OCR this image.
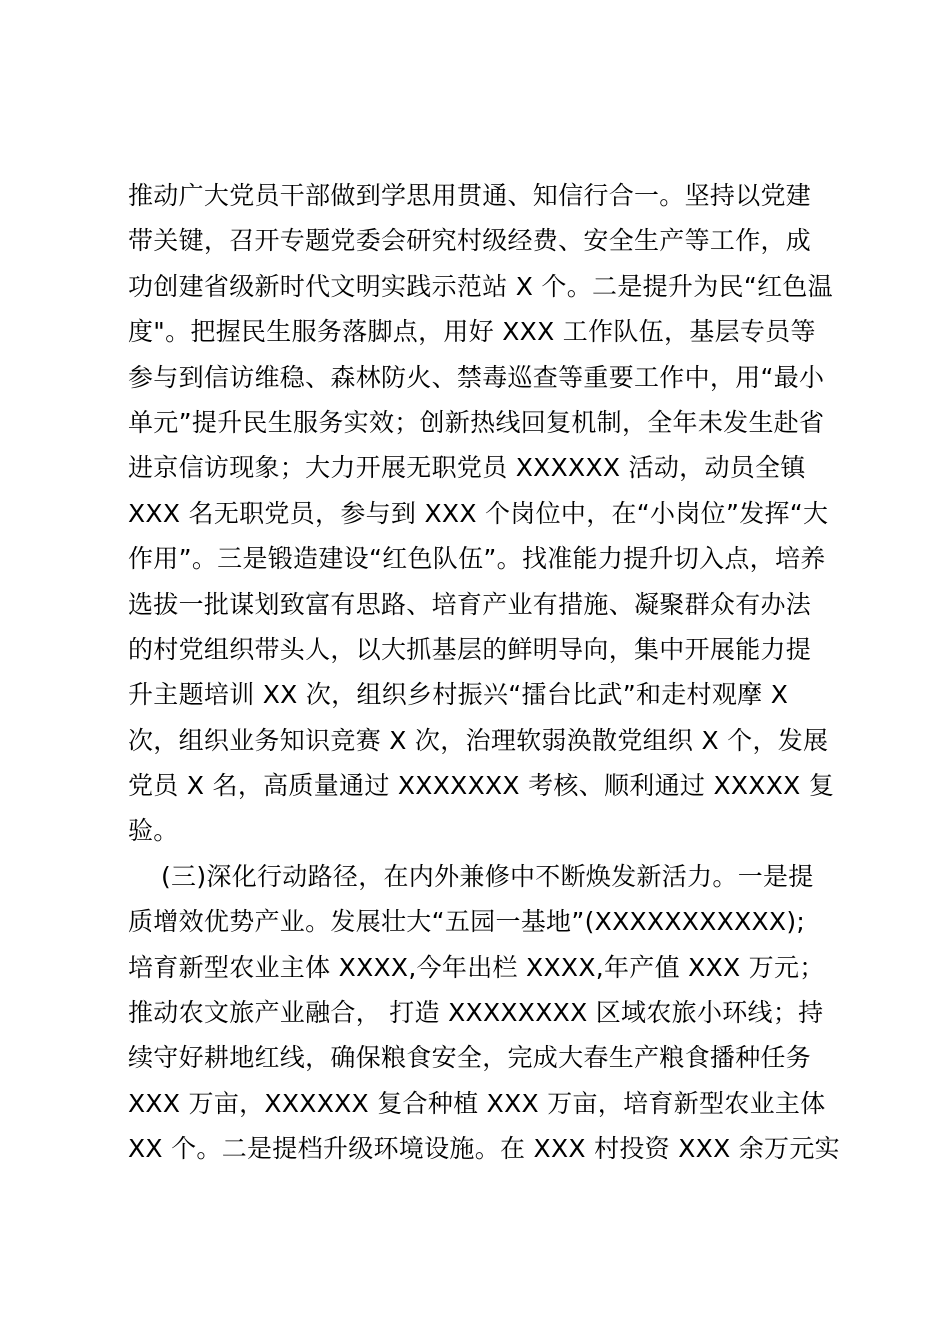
推动广大党员干部做到学思用贯通、知信行合一。坚持以党建
带关键，召开专题党委会研究村级经费、安全生产等工作，成
功创建省级新时代文明实践示范站 X 个。二是提升为民“红色温
度"。把握民生服务落脚点，用好 XXX 工作队伍，基层专员等
参与到信访维稳、森林防火、禁毒巡查等重要工作中，用“最小
单元”提升民生服务实效；创新热线回复机制，全年未发生赴省
进京信访现象；大力开展无职党员 XXXXXX 活动，动员全镇
XXX 名无职党员，参与到 XXX 个岗位中，在“小岗位”发挥“大
作用”。三是锻造建设“红色队伍”。找准能力提升切入点，培养
选拔一批谋划致富有思路、培育产业有措施、凝聚群众有办法
的村党组织带头人，以大抓基层的鲜明导向，集中开展能力提
升主题培训 XX 次，组织乡村振兴“擂台比武”和走村观摩 X
次，组织业务知识竞赛 X 次，治理软弱涣散党组织 X 个，发展
党员 X 名，高质量通过 XXXXXXX 考核、顺利通过 XXXXX 复
验。
(三)深化行动路径，在内外兼修中不断焕发新活力。一是提
质增效优势产业。发展壮大“五园一基地”(XXXXXXXXXXX);
培育新型农业主体 XXXX,今年出栏 XXXX,年产值 XXX 万元；
推动农文旅产业融合， 打造 XXXXXXXX 区域农旅小环线；持
续守好耕地红线，确保粮食安全，完成大春生产粮食播种任务
XXX 万亩，XXXXXX 复合种植 XXX 万亩，培育新型农业主体
XX 个。二是提档升级环境设施。在 XXX 村投资 XXX 余万元实
